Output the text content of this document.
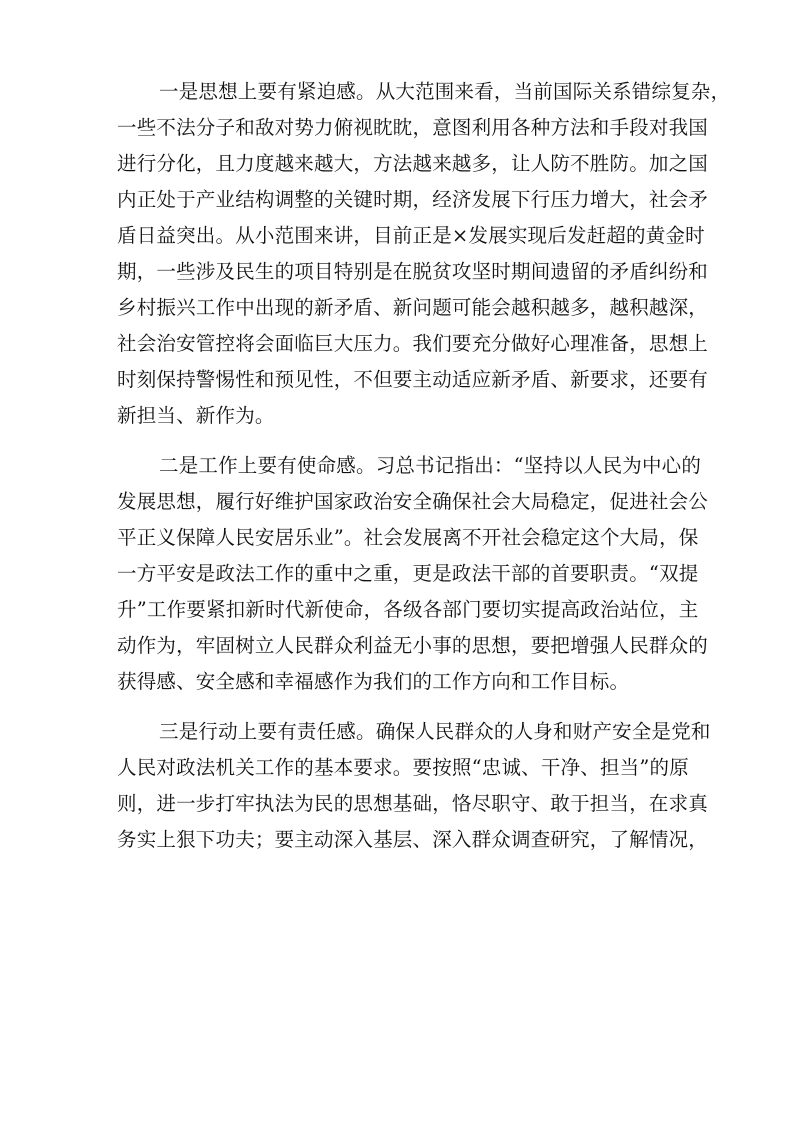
一是思想上要有紧迫感。从大范围来看，当前国际关系错综复杂，
一些不法分子和敌对势力俯视眈眈，意图利用各种方法和手段对我国
进行分化，且力度越来越大，方法越来越多，让人防不胜防。加之国
内正处于产业结构调整的关键时期，经济发展下行压力增大，社会矛
盾日益突出。从小范围来讲，目前正是×发展实现后发赶超的黄金时
期，一些涉及民生的项目特别是在脱贫攻坚时期间遗留的矛盾纠纷和
乡村振兴工作中出现的新矛盾、新问题可能会越积越多，越积越深，
社会治安管控将会面临巨大压力。我们要充分做好心理准备，思想上
时刻保持警惕性和预见性，不但要主动适应新矛盾、新要求，还要有
新担当、新作为。
二是工作上要有使命感。习总书记指出：“坚持以人民为中心的
发展思想，履行好维护国家政治安全确保社会大局稳定，促进社会公
平正义保障人民安居乐业”。社会发展离不开社会稳定这个大局，保
一方平安是政法工作的重中之重，更是政法干部的首要职责。“双提
升”工作要紧扣新时代新使命，各级各部门要切实提高政治站位，主
动作为，牢固树立人民群众利益无小事的思想，要把增强人民群众的
获得感、安全感和幸福感作为我们的工作方向和工作目标。
三是行动上要有责任感。确保人民群众的人身和财产安全是党和
人民对政法机关工作的基本要求。要按照“忠诚、干净、担当”的原
则，进一步打牢执法为民的思想基础，恪尽职守、敢于担当，在求真
务实上狠下功夫；要主动深入基层、深入群众调查研究，了解情况，
